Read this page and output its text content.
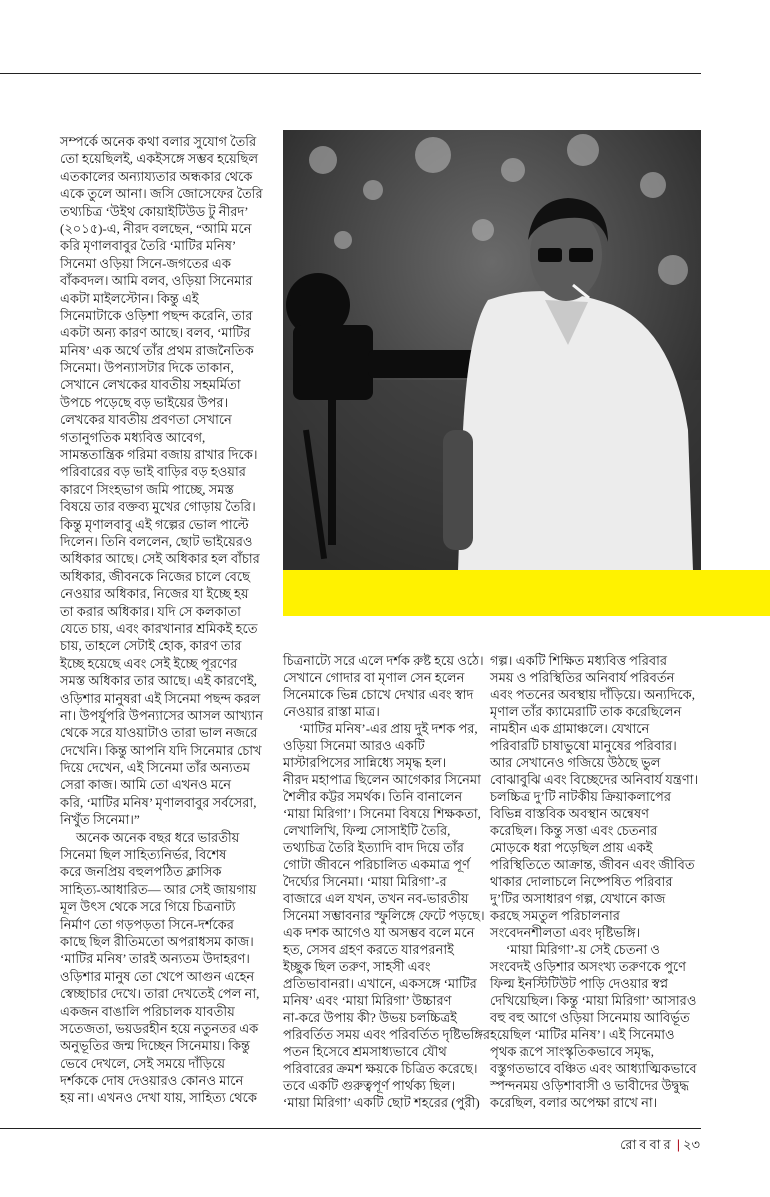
সম্পর্কে অনেক কথা বলার সুযোগ তৈরি
তো হয়েছিলই, একইসঙ্গে সম্ভব হয়েছিল
এতকালের অন্যায্যতার অন্ধকার থেকে
একে তুলে আনা। জসি জোসেফের তৈরি
তথ্যচিত্র ‘উইথ কোয়াইটিউড টু নীরদ’
(২০১৫)-এ, নীরদ বলছেন, “আমি মনে
করি মৃণালবাবুর তৈরি ‘মাটির মনিষ’
সিনেমা ওড়িয়া সিনে-জগতের এক
বাঁকবদল। আমি বলব, ওড়িয়া সিনেমার
একটা মাইলস্টোন। কিন্তু এই
সিনেমাটাকে ওড়িশা পছন্দ করেনি, তার
একটা অন্য কারণ আছে। বলব, ‘মাটির
মনিষ’ এক অর্থে তাঁর প্রথম রাজনৈতিক
সিনেমা। উপন্যাসটার দিকে তাকান,
সেখানে লেখকের যাবতীয় সহমর্মিতা
উপচে পড়েছে বড় ভাইয়ের উপর।
লেখকের যাবতীয় প্রবণতা সেখানে
গতানুগতিক মধ্যবিত্ত আবেগ,
সামন্ততান্ত্রিক গরিমা বজায় রাখার দিকে।
পরিবারের বড় ভাই বাড়ির বড় হওয়ার
কারণে সিংহভাগ জমি পাচ্ছে, সমস্ত
বিষয়ে তার বক্তব্য মুখের গোড়ায় তৈরি।
কিন্তু মৃণালবাবু এই গল্পের ভোল পাল্টে
দিলেন। তিনি বললেন, ছোট ভাইয়েরও
অধিকার আছে। সেই অধিকার হল বাঁচার
অধিকার, জীবনকে নিজের চালে বেছে
নেওয়ার অধিকার, নিজের যা ইচ্ছে হয়
তা করার অধিকার। যদি সে কলকাতা
যেতে চায়, এবং কারখানার শ্রমিকই হতে
চায়, তাহলে সেটাই হোক, কারণ তার
ইচ্ছে হয়েছে এবং সেই ইচ্ছে পূরণের
সমস্ত অধিকার তার আছে। এই কারণেই,
ওড়িশার মানুষরা এই সিনেমা পছন্দ করল
না। উপর্যুপরি উপন্যাসের আসল আখ্যান
থেকে সরে যাওয়াটাও তারা ভাল নজরে
দেখেনি। কিন্তু আপনি যদি সিনেমার চোখ
দিয়ে দেখেন, এই সিনেমা তাঁর অন্যতম
সেরা কাজ। আমি তো এখনও মনে
করি, ‘মাটির মনিষ’ মৃণালবাবুর সর্বসেরা,
নিখুঁত সিনেমা।”
অনেক অনেক বছর ধরে ভারতীয়
সিনেমা ছিল সাহিত্যনির্ভর, বিশেষ
করে জনপ্রিয় বহুলপঠিত ক্লাসিক
সাহিত্য-আধারিত— আর সেই জায়গায়
মূল উৎস থেকে সরে গিয়ে চিত্রনাট্য
নির্মাণ তো গড়পড়তা সিনে-দর্শকের
কাছে ছিল রীতিমতো অপরাধসম কাজ।
‘মাটির মনিষ’ তারই অন্যতম উদাহরণ।
ওড়িশার মানুষ তো খেপে আগুন এহেন
স্বেচ্ছাচার দেখে। তারা দেখতেই পেল না,
একজন বাঙালি পরিচালক যাবতীয়
সতেজতা, ভয়ডরহীন হয়ে নতুনতর এক
অনুভূতির জন্ম দিচ্ছেন সিনেমায়। কিন্তু
ভেবে দেখলে, সেই সময়ে দাঁড়িয়ে
দর্শককে দোষ দেওয়ারও কোনও মানে
হয় না। এখনও দেখা যায়, সাহিত্য থেকে
চিত্রনাট্যে সরে এলে দর্শক রুষ্ট হয়ে ওঠে।
সেখানে গোদার বা মৃণাল সেন হলেন
সিনেমাকে ভিন্ন চোখে দেখার এবং স্বাদ
নেওয়ার রাস্তা মাত্র।
‘মাটির মনিষ’-এর প্রায় দুই দশক পর,
ওড়িয়া সিনেমা আরও একটি
মাস্টারপিসের সান্নিধ্যে সমৃদ্ধ হল।
নীরদ মহাপাত্র ছিলেন আগেকার সিনেমা
শৈলীর কট্টর সমর্থক। তিনি বানালেন
‘মায়া মিরিগা’। সিনেমা বিষয়ে শিক্ষকতা,
লেখালিখি, ফিল্ম সোসাইটি তৈরি,
তথ্যচিত্র তৈরি ইত্যাদি বাদ দিয়ে তাঁর
গোটা জীবনে পরিচালিত একমাত্র পূর্ণ
দৈর্ঘ্যের সিনেমা। ‘মায়া মিরিগা’-র
বাজারে এল যখন, তখন নব-ভারতীয়
সিনেমা সম্ভাবনার স্ফুলিঙ্গে ফেটে পড়ছে।
এক দশক আগেও যা অসম্ভব বলে মনে
হত, সেসব গ্রহণ করতে যারপরনাই
ইচ্ছুক ছিল তরুণ, সাহসী এবং
প্রতিভাবানরা। এখানে, একসঙ্গে ‘মাটির
মনিষ’ এবং ‘মায়া মিরিগা’ উচ্চারণ
না-করে উপায় কী? উভয় চলচ্চিত্রই
পরিবর্তিত সময় এবং পরিবর্তিত দৃষ্টিভঙ্গির
পতন হিসেবে শ্রমসাধ্যভাবে যৌথ
পরিবারের ক্রমশ ক্ষয়কে চিত্রিত করেছে।
তবে একটি গুরুত্বপূর্ণ পার্থক্য ছিল।
‘মায়া মিরিগা’ একটি ছোট শহরের (পুরী)
গল্প। একটি শিক্ষিত মধ্যবিত্ত পরিবার
সময় ও পরিস্থিতির অনিবার্য পরিবর্তন
এবং পতনের অবস্থায় দাঁড়িয়ে। অন্যদিকে,
মৃণাল তাঁর ক্যামেরাটি তাক করেছিলেন
নামহীন এক গ্রামাঞ্চলে। যেখানে
পরিবারটি চাষাভুষো মানুষের পরিবার।
আর সেখানেও গজিয়ে উঠছে ভুল
বোঝাবুঝি এবং বিচ্ছেদের অনিবার্য যন্ত্রণা।
চলচ্চিত্র দু’টি নাটকীয় ক্রিয়াকলাপের
বিভিন্ন বাস্তবিক অবস্থান অন্বেষণ
করেছিল। কিন্তু সত্তা এবং চেতনার
মোড়কে ধরা পড়েছিল প্রায় একই
পরিস্থিতিতে আক্রান্ত, জীবন এবং জীবিত
থাকার দোলাচলে নিষ্পেষিত পরিবার
দু’টির অসাধারণ গল্প, যেখানে কাজ
করছে সমতুল পরিচালনার
সংবেদনশীলতা এবং দৃষ্টিভঙ্গি।
‘মায়া মিরিগা’-য় সেই চেতনা ও
সংবেদই ওড়িশার অসংখ্য তরুণকে পুণে
ফিল্ম ইনস্টিটিউট পাড়ি দেওয়ার স্বপ্ন
দেখিয়েছিল। কিন্তু ‘মায়া মিরিগা’ আসারও
বহু বহু আগে ওড়িয়া সিনেমায় আবির্ভূত
হয়েছিল ‘মাটির মনিষ’। এই সিনেমাও
পৃথক রূপে সাংস্কৃতিকভাবে সমৃদ্ধ,
বস্তুগতভাবে বঞ্চিত এবং আধ্যাত্মিকভাবে
স্পন্দনময় ওড়িশাবাসী ও ভাবীদের উদ্বুদ্ধ
করেছিল, বলার অপেক্ষা রাখে না।
রোববার | ২৩
